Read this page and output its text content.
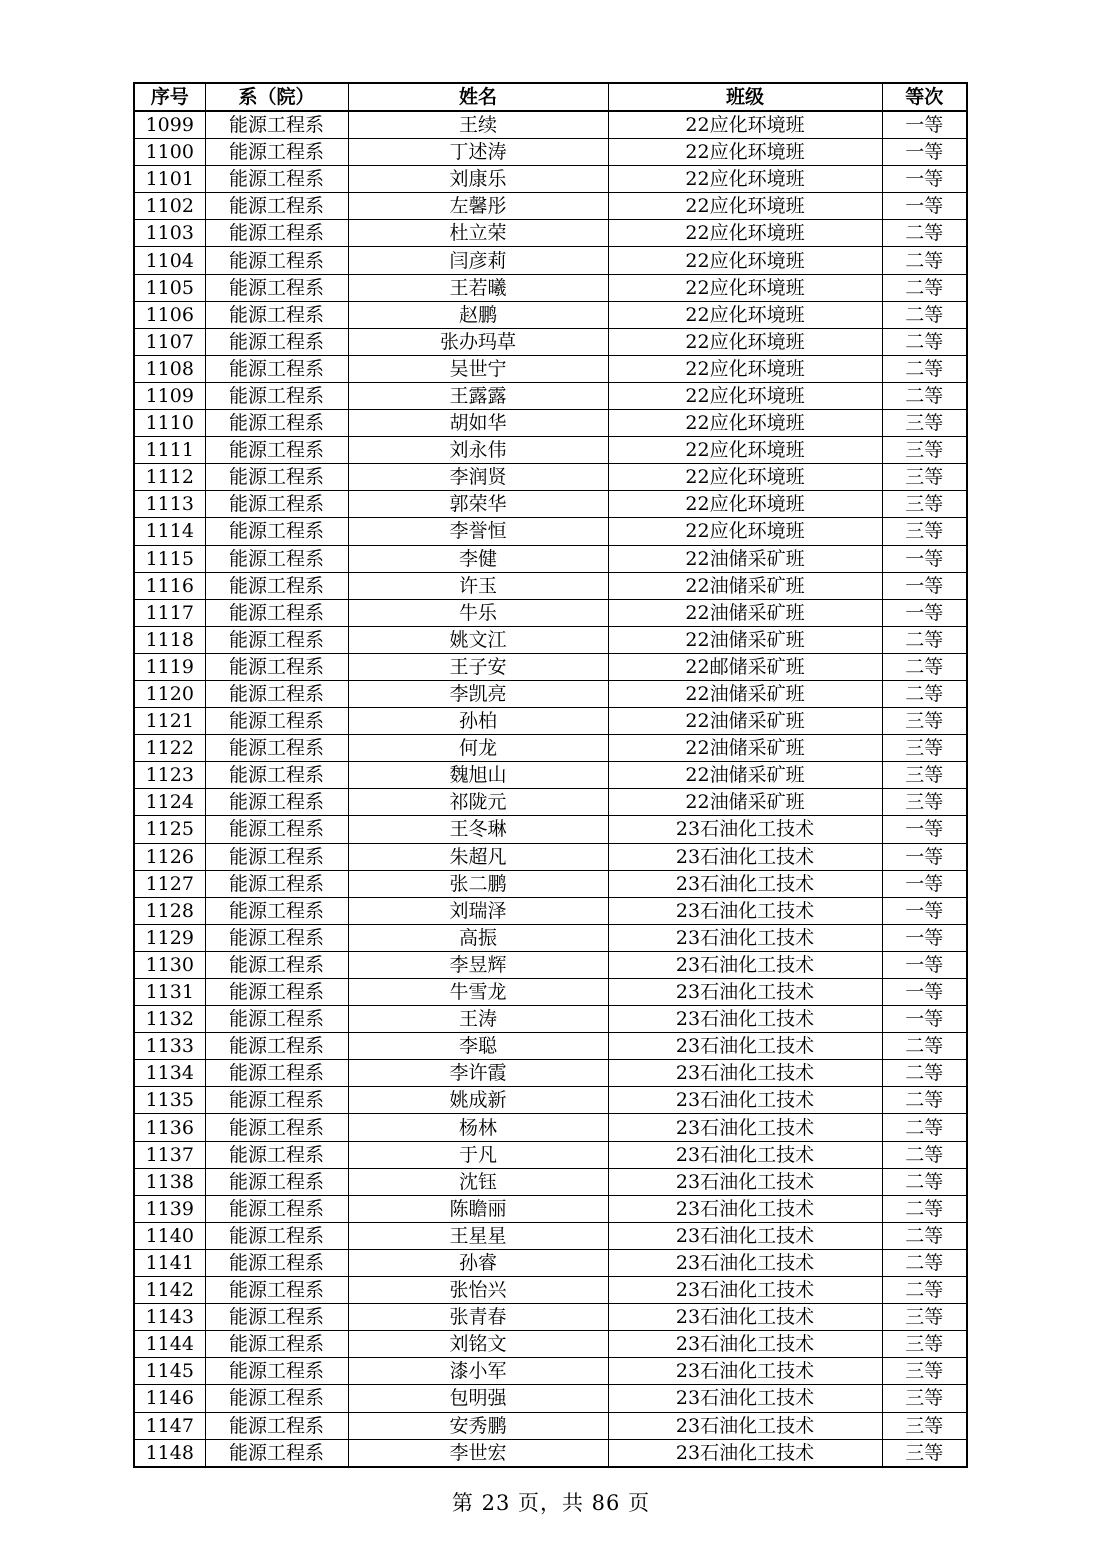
序号	系（院）	姓名	班级	等次
1099	能源工程系	王续	22应化环境班	一等
1100	能源工程系	丁述涛	22应化环境班	一等
1101	能源工程系	刘康乐	22应化环境班	一等
1102	能源工程系	左馨彤	22应化环境班	一等
1103	能源工程系	杜立荣	22应化环境班	二等
1104	能源工程系	闫彦莉	22应化环境班	二等
1105	能源工程系	王若曦	22应化环境班	二等
1106	能源工程系	赵鹏	22应化环境班	二等
1107	能源工程系	张办玛草	22应化环境班	二等
1108	能源工程系	吴世宁	22应化环境班	二等
1109	能源工程系	王露露	22应化环境班	二等
1110	能源工程系	胡如华	22应化环境班	三等
1111	能源工程系	刘永伟	22应化环境班	三等
1112	能源工程系	李润贤	22应化环境班	三等
1113	能源工程系	郭荣华	22应化环境班	三等
1114	能源工程系	李誉恒	22应化环境班	三等
1115	能源工程系	李健	22油储采矿班	一等
1116	能源工程系	许玉	22油储采矿班	一等
1117	能源工程系	牛乐	22油储采矿班	一等
1118	能源工程系	姚文江	22油储采矿班	二等
1119	能源工程系	王子安	22邮储采矿班	二等
1120	能源工程系	李凯亮	22油储采矿班	二等
1121	能源工程系	孙柏	22油储采矿班	三等
1122	能源工程系	何龙	22油储采矿班	三等
1123	能源工程系	魏旭山	22油储采矿班	三等
1124	能源工程系	祁陇元	22油储采矿班	三等
1125	能源工程系	王冬琳	23石油化工技术	一等
1126	能源工程系	朱超凡	23石油化工技术	一等
1127	能源工程系	张二鹏	23石油化工技术	一等
1128	能源工程系	刘瑞泽	23石油化工技术	一等
1129	能源工程系	高振	23石油化工技术	一等
1130	能源工程系	李昱辉	23石油化工技术	一等
1131	能源工程系	牛雪龙	23石油化工技术	一等
1132	能源工程系	王涛	23石油化工技术	一等
1133	能源工程系	李聪	23石油化工技术	二等
1134	能源工程系	李许霞	23石油化工技术	二等
1135	能源工程系	姚成新	23石油化工技术	二等
1136	能源工程系	杨林	23石油化工技术	二等
1137	能源工程系	于凡	23石油化工技术	二等
1138	能源工程系	沈钰	23石油化工技术	二等
1139	能源工程系	陈瞻丽	23石油化工技术	二等
1140	能源工程系	王星星	23石油化工技术	二等
1141	能源工程系	孙睿	23石油化工技术	二等
1142	能源工程系	张怡兴	23石油化工技术	二等
1143	能源工程系	张青春	23石油化工技术	三等
1144	能源工程系	刘铭文	23石油化工技术	三等
1145	能源工程系	漆小军	23石油化工技术	三等
1146	能源工程系	包明强	23石油化工技术	三等
1147	能源工程系	安秀鹏	23石油化工技术	三等
1148	能源工程系	李世宏	23石油化工技术	三等
第 23 页，共 86 页
